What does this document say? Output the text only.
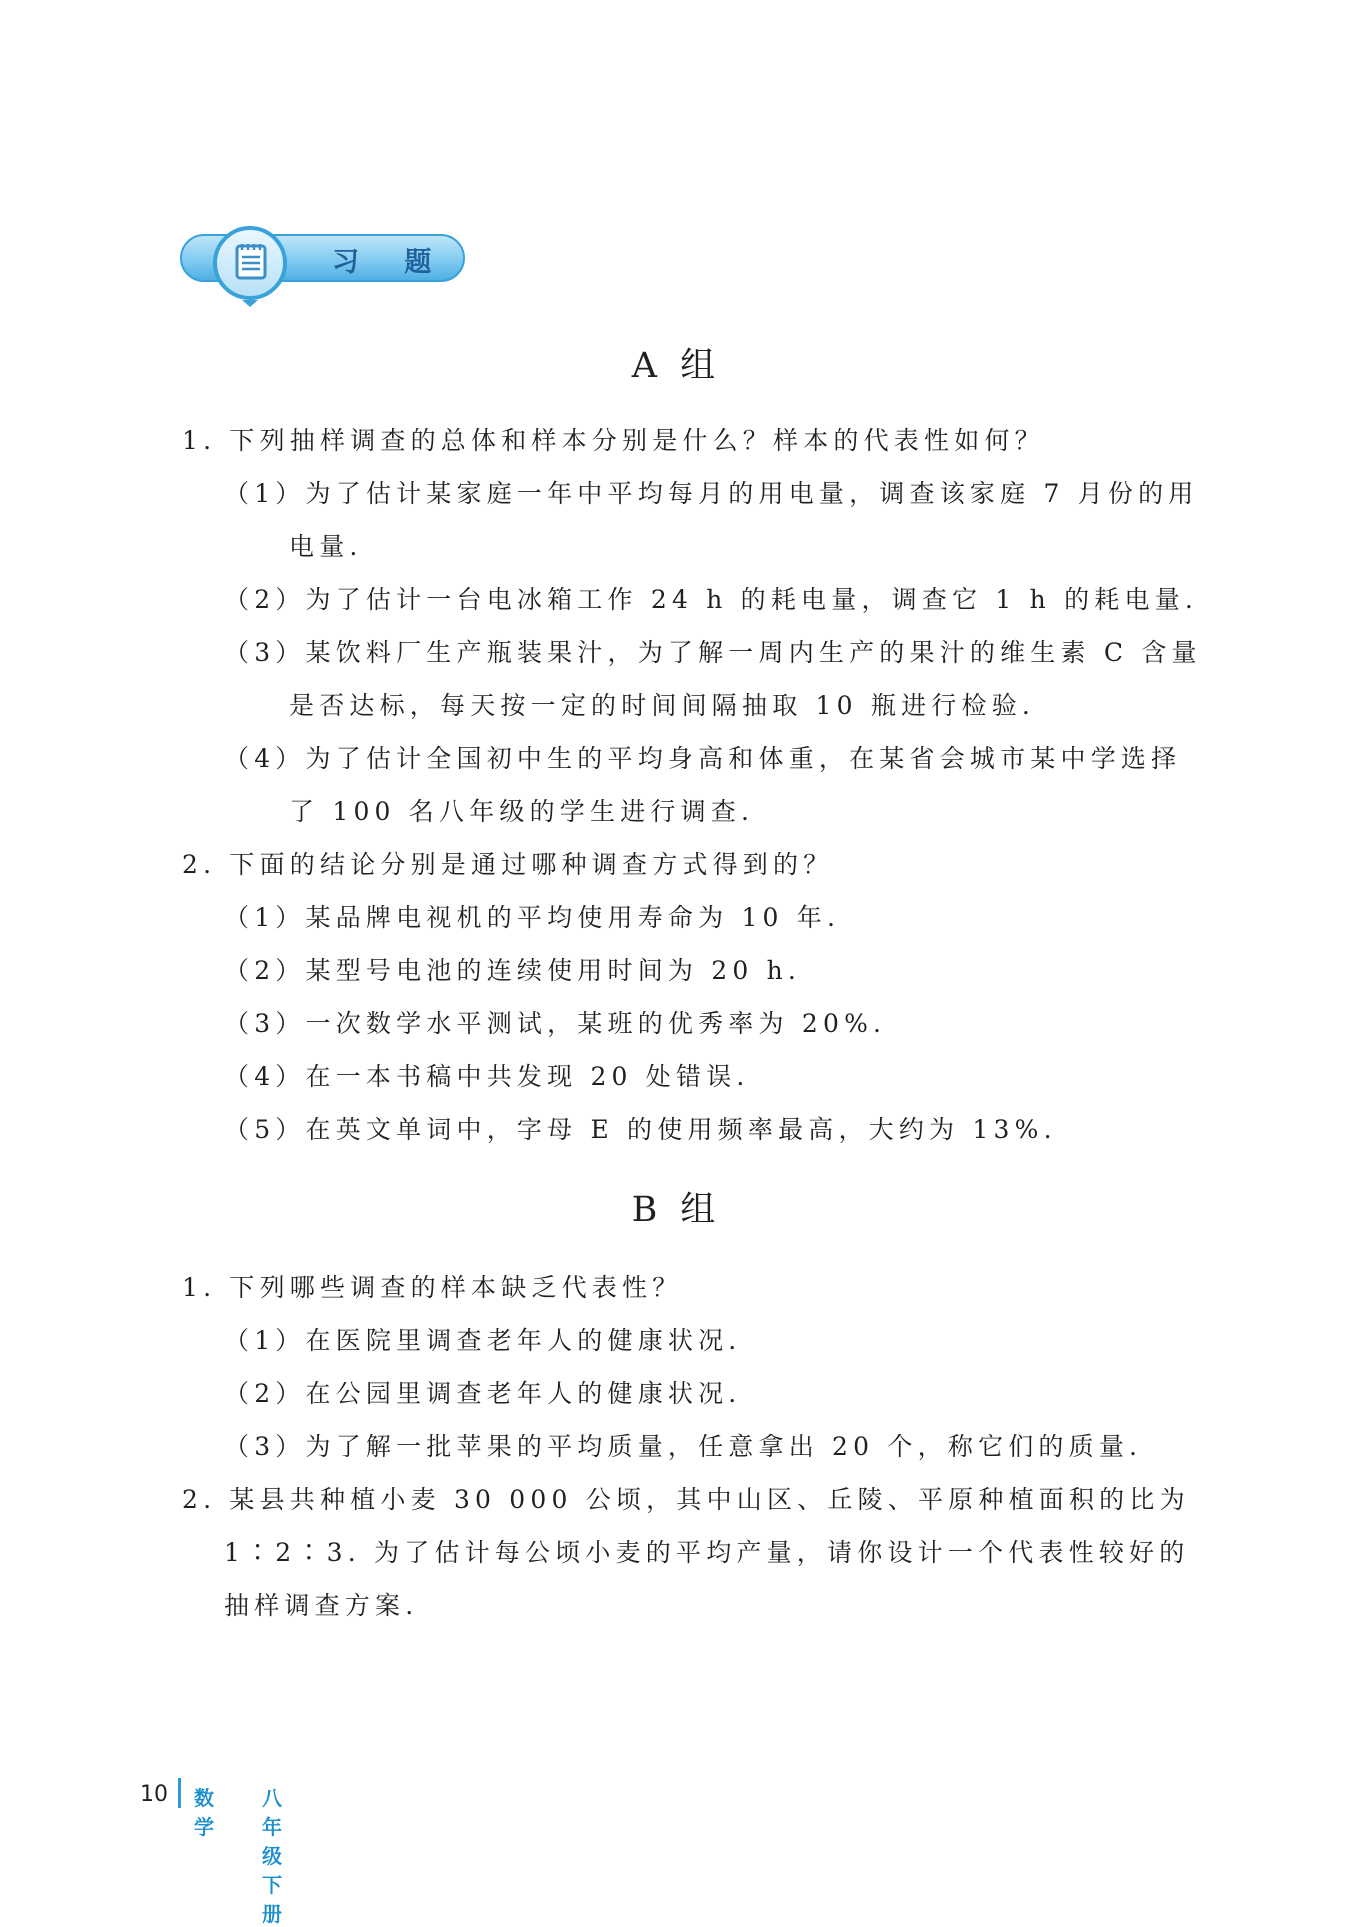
习 题
A 组
1. 下列抽样调查的总体和样本分别是什么？样本的代表性如何？
（1）为了估计某家庭一年中平均每月的用电量，调查该家庭 7 月份的用
电量.
（2）为了估计一台电冰箱工作 24 h 的耗电量，调查它 1 h 的耗电量.
（3）某饮料厂生产瓶装果汁，为了解一周内生产的果汁的维生素 C 含量
是否达标，每天按一定的时间间隔抽取 10 瓶进行检验.
（4）为了估计全国初中生的平均身高和体重，在某省会城市某中学选择
了 100 名八年级的学生进行调查.
2. 下面的结论分别是通过哪种调查方式得到的？
（1）某品牌电视机的平均使用寿命为 10 年.
（2）某型号电池的连续使用时间为 20 h.
（3）一次数学水平测试，某班的优秀率为 20%.
（4）在一本书稿中共发现 20 处错误.
（5）在英文单词中，字母 E 的使用频率最高，大约为 13%.
B 组
1. 下列哪些调查的样本缺乏代表性？
（1）在医院里调查老年人的健康状况.
（2）在公园里调查老年人的健康状况.
（3）为了解一批苹果的平均质量，任意拿出 20 个，称它们的质量.
2. 某县共种植小麦 30 000 公顷，其中山区、丘陵、平原种植面积的比为
1∶2∶3. 为了估计每公顷小麦的平均产量，请你设计一个代表性较好的
抽样调查方案.
10 数学
八年级下册
